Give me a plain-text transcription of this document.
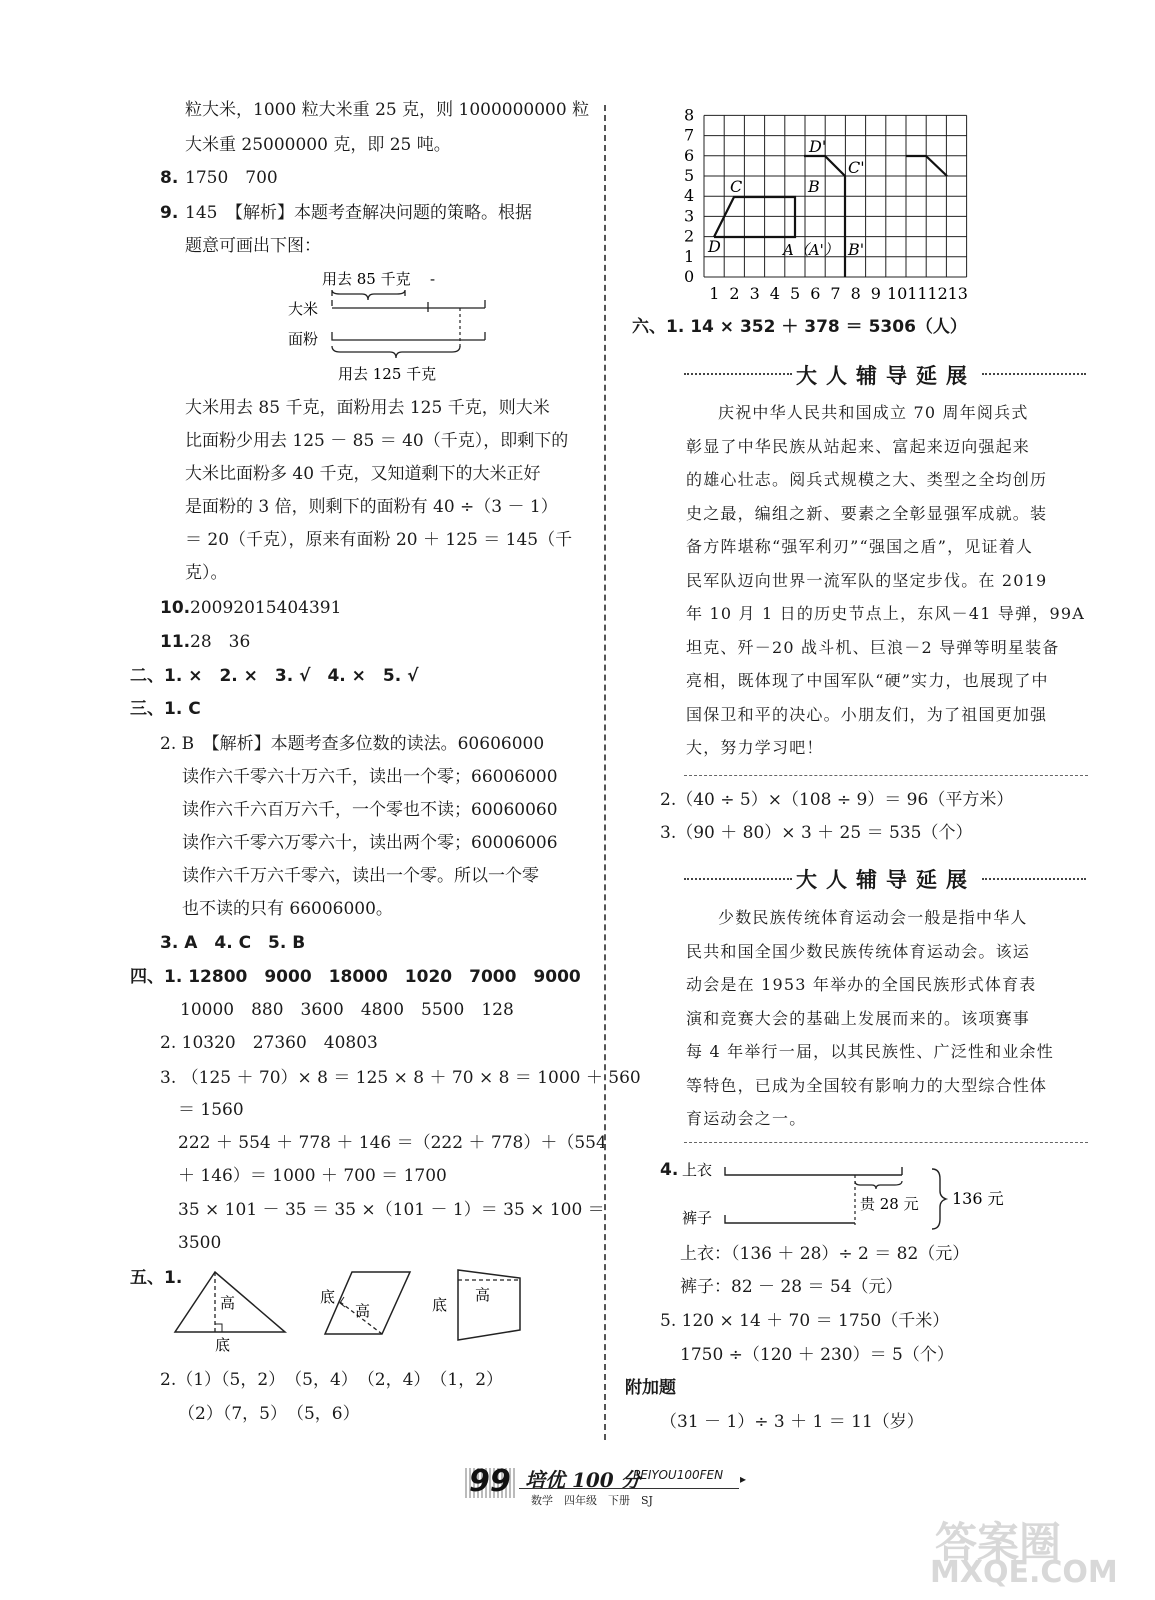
粒大米，1000 粒大米重 25 克，则 1000000000 粒
大米重 25000000 克，即 25 吨。
8. 1750　700
9. 145　【解析】本题考查解决问题的策略。根据
题意可画出下图：
用去 85 千克 -
大米
面粉
用去 125 千克
大米用去 85 千克，面粉用去 125 千克，则大米
比面粉少用去 125 － 85 ＝ 40（千克），即剩下的
大米比面粉多 40 千克，又知道剩下的大米正好
是面粉的 3 倍，则剩下的面粉有 40 ÷（3 － 1）
＝ 20（千克），原来有面粉 20 ＋ 125 ＝ 145（千
克）。
10. 20092015404391
11. 28　36
二、1. ×　2. ×　3. √　4. ×　5. √
三、1. C
2. B　【解析】本题考查多位数的读法。60606000
读作六千零六十万六千，读出一个零；66006000
读作六千六百万六千，一个零也不读；60060060
读作六千零六万零六十，读出两个零；60006006
读作六千万六千零六，读出一个零。所以一个零
也不读的只有 66006000。
3. A　4. C　5. B
四、1. 12800　9000　18000　1020　7000　9000
10000　880　3600　4800　5500　128
2. 10320　27360　40803
3. （125 ＋ 70）× 8 ＝ 125 × 8 ＋ 70 × 8 ＝ 1000 ＋ 560
＝ 1560
222 ＋ 554 ＋ 778 ＋ 146 ＝（222 ＋ 778）＋（554
＋ 146）＝ 1000 ＋ 700 ＝ 1700
35 × 101 － 35 ＝ 35 ×（101 － 1）＝ 35 × 100 ＝
3500
五、1.
高
底
底
高	底
高
2.（1）（5，2）　（5，4）　（2，4）　（1，2）
（2）（7，5）　（5，6）
0
1
2
3
4
5
6
7
8
1 2 3 4 5 6 7 8 9 10 11 12 13
C	B
D	A（A'）
D'
C'
B'
六、1. 14 × 352 ＋ 378 ＝ 5306（人）
大人辅导延展
庆祝中华人民共和国成立 70 周年阅兵式
彰显了中华民族从站起来、富起来迈向强起来
的雄心壮志。阅兵式规模之大、类型之全均创历
史之最，编组之新、要素之全彰显强军成就。装
备方阵堪称“强军利刃”“强国之盾”，见证着人
民军队迈向世界一流军队的坚定步伐。在 2019
年 10 月 1 日的历史节点上，东风－41 导弹，99A
坦克、歼－20 战斗机、巨浪－2 导弹等明星装备
亮相，既体现了中国军队“硬”实力，也展现了中
国保卫和平的决心。小朋友们，为了祖国更加强
大，努力学习吧！
2.（40 ÷ 5）×（108 ÷ 9）＝ 96（平方米）
3.（90 ＋ 80）× 3 ＋ 25 ＝ 535（个）
大人辅导延展
少数民族传统体育运动会一般是指中华人
民共和国全国少数民族传统体育运动会。该运
动会是在 1953 年举办的全国民族形式体育表
演和竞赛大会的基础上发展而来的。该项赛事
每 4 年举行一届，以其民族性、广泛性和业余性
等特色，已成为全国较有影响力的大型综合性体
育运动会之一。
4. 上衣
贵 28 元
裤子
136 元
上衣：（136 ＋ 28）÷ 2 ＝ 82（元）
裤子：82 － 28 ＝ 54（元）
5. 120 × 14 ＋ 70 ＝ 1750（千米）
1750 ÷（120 ＋ 230）＝ 5（个）
附加题
（31 － 1）÷ 3 ＋ 1 ＝ 11（岁）
99 培优 100 分
PEIYOU100FEN ▸
数学　四年级　下册　SJ
答案圈
MXQE.COM
